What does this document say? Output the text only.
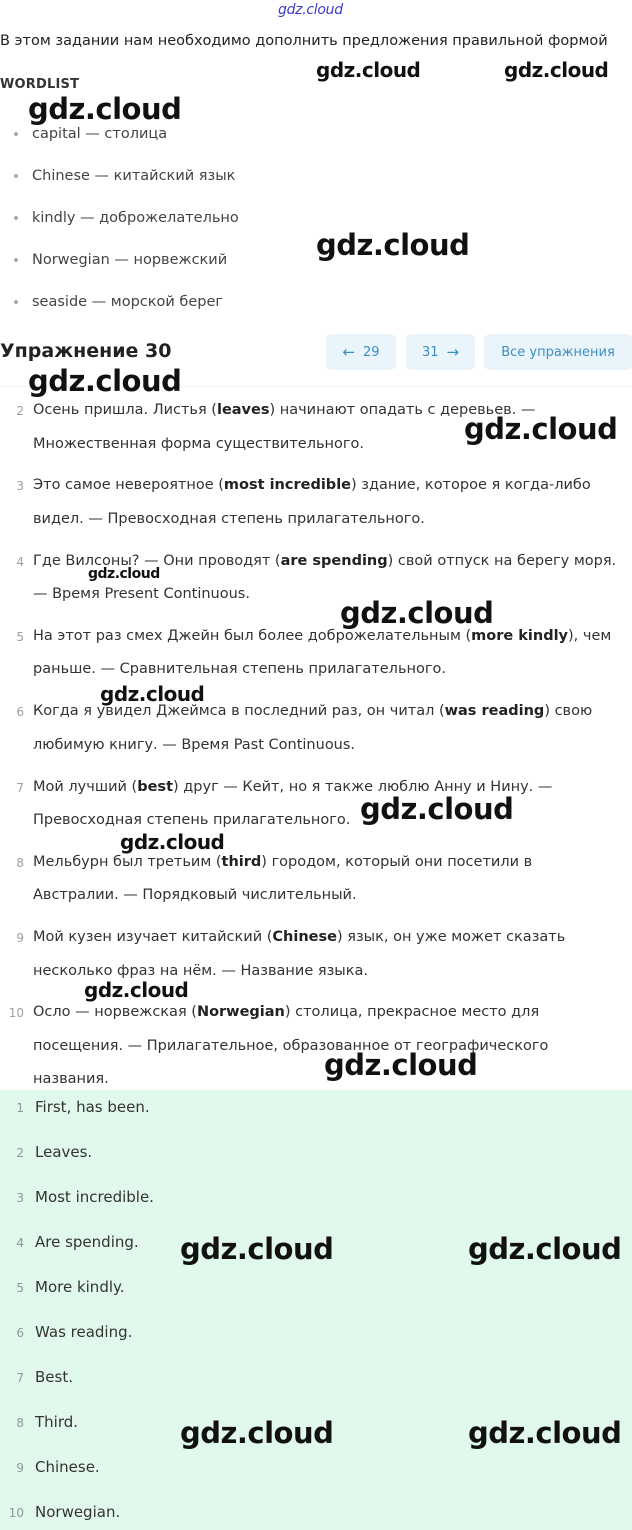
gdz.cloud
В этом задании нам необходимо дополнить предложения правильной формой
WORDLIST
capital — столица
Chinese — китайский язык
kindly — доброжелательно
Norwegian — норвежский
seaside — морской берег
Упражнение 30	← 29	31 →	Все упражнения
2 Осень пришла. Листья (leaves) начинают опадать с деревьев. —
Множественная форма существительного.
3 Это самое невероятное (most incredible) здание, которое я когда-либо
видел. — Превосходная степень прилагательного.
4 Где Вилсоны? — Они проводят (are spending) свой отпуск на берегу моря.
— Время Present Continuous.
5 На этот раз смех Джейн был более доброжелательным (more kindly), чем
раньше. — Сравнительная степень прилагательного.
6 Когда я увидел Джеймса в последний раз, он читал (was reading) свою
любимую книгу. — Время Past Continuous.
7 Мой лучший (best) друг — Кейт, но я также люблю Анну и Нину. —
Превосходная степень прилагательного.
8 Мельбурн был третьим (third) городом, который они посетили в
Австралии. — Порядковый числительный.
9 Мой кузен изучает китайский (Chinese) язык, он уже может сказать
несколько фраз на нём. — Название языка.
10 Осло — норвежская (Norwegian) столица, прекрасное место для
посещения. — Прилагательное, образованное от географического
названия.
1 First, has been.
2 Leaves.
3 Most incredible.
4 Are spending.
5 More kindly.
6 Was reading.
7 Best.
8 Third.
9 Chinese.
10 Norwegian.
gdz.cloud	gdz.cloud
gdz.cloud
gdz.cloud
gdz.cloud
gdz.cloud
gdz.cloud
gdz.cloud
gdz.cloud
gdz.cloud
gdz.cloud
gdz.cloud
gdz.cloud
gdz.cloud	gdz.cloud
gdz.cloud	gdz.cloud
